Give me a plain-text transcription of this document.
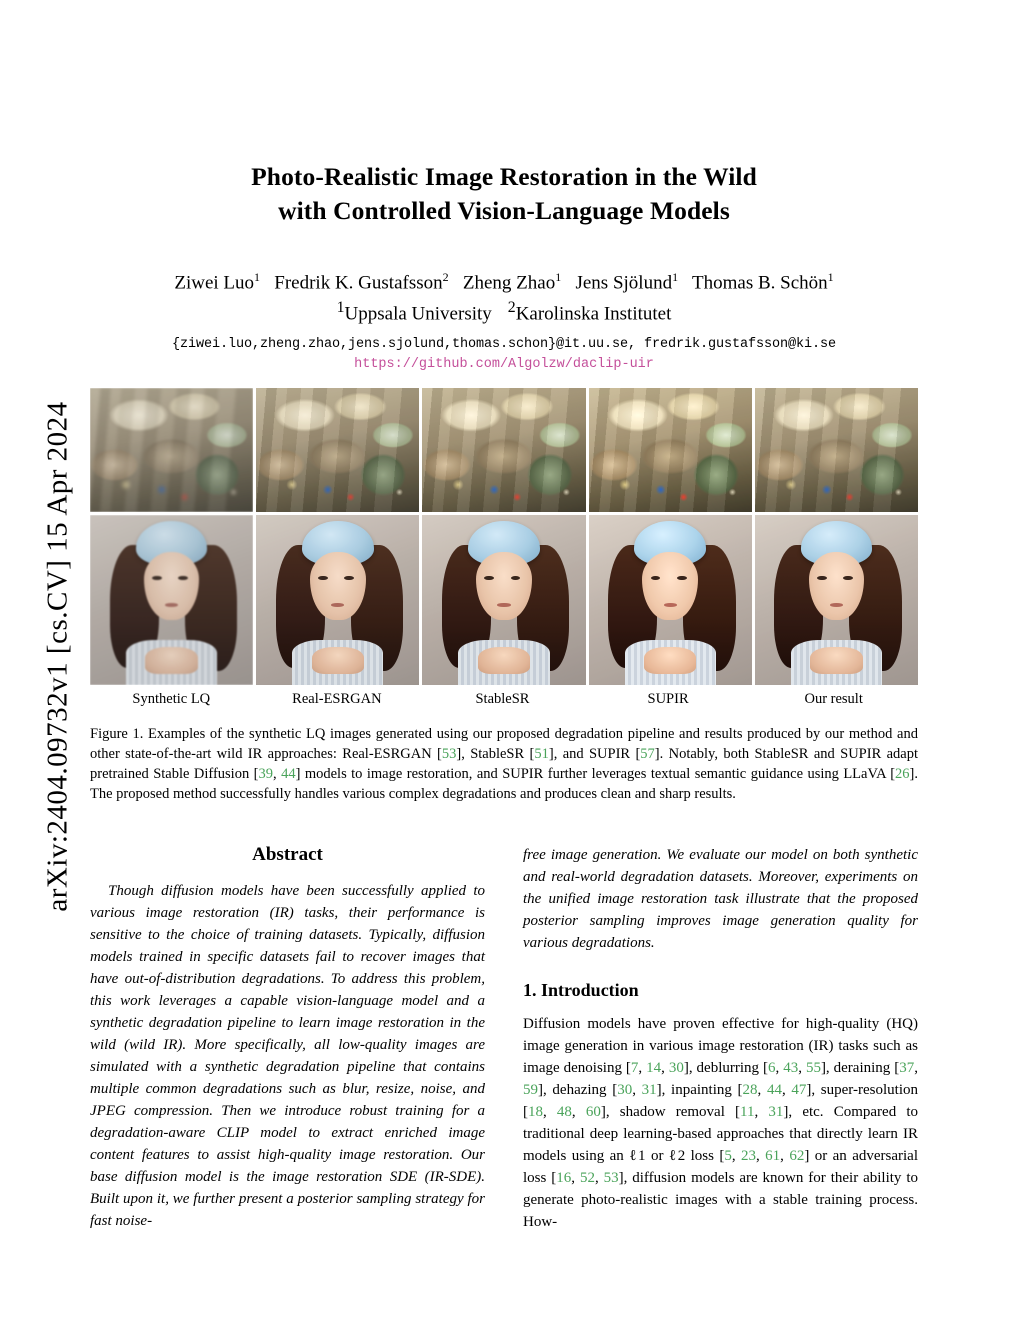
arXiv:2404.09732v1 [cs.CV] 15 Apr 2024
Photo-Realistic Image Restoration in the Wild
with Controlled Vision-Language Models
Ziwei Luo$^1$ Fredrik K. Gustafsson$^2$ Zheng Zhao$^1$ Jens Sjölund$^1$ Thomas B. Schön$^1$
$^1$Uppsala University $^2$Karolinska Institutet
{ziwei.luo,zheng.zhao,jens.sjolund,thomas.schon}@it.uu.se, fredrik.gustafsson@ki.se
https://github.com/Algolzw/daclip-uir
Synthetic LQ	Real-ESRGAN	StableSR	SUPIR	Our result
Figure 1. Examples of the synthetic LQ images generated using our proposed degradation pipeline and results produced by our method and other state-of-the-art wild IR approaches: Real-ESRGAN [53], StableSR [51], and SUPIR [57]. Notably, both StableSR and SUPIR adapt pretrained Stable Diffusion [39, 44] models to image restoration, and SUPIR further leverages textual semantic guidance using LLaVA [26]. The proposed method successfully handles various complex degradations and produces clean and sharp results.
Abstract

Though diffusion models have been successfully applied to various image restoration (IR) tasks, their performance is sensitive to the choice of training datasets. Typically, diffusion models trained in specific datasets fail to recover images that have out-of-distribution degradations. To address this problem, this work leverages a capable vision-language model and a synthetic degradation pipeline to learn image restoration in the wild (wild IR). More specifically, all low-quality images are simulated with a synthetic degradation pipeline that contains multiple common degradations such as blur, resize, noise, and JPEG compression. Then we introduce robust training for a degradation-aware CLIP model to extract enriched image content features to assist high-quality image restoration. Our base diffusion model is the image restoration SDE (IR-SDE). Built upon it, we further present a posterior sampling strategy for fast noise-

free image generation. We evaluate our model on both synthetic and real-world degradation datasets. Moreover, experiments on the unified image restoration task illustrate that the proposed posterior sampling improves image generation quality for various degradations.

1. Introduction

Diffusion models have proven effective for high-quality (HQ) image generation in various image restoration (IR) tasks such as image denoising [7, 14, 30], deblurring [6, 43, 55], deraining [37, 59], dehazing [30, 31], inpainting [28, 44, 47], super-resolution [18, 48, 60], shadow removal [11, 31], etc. Compared to traditional deep learning-based approaches that directly learn IR models using an ℓ1 or ℓ2 loss [5, 23, 61, 62] or an adversarial loss [16, 52, 53], diffusion models are known for their ability to generate photo-realistic images with a stable training process. How-
